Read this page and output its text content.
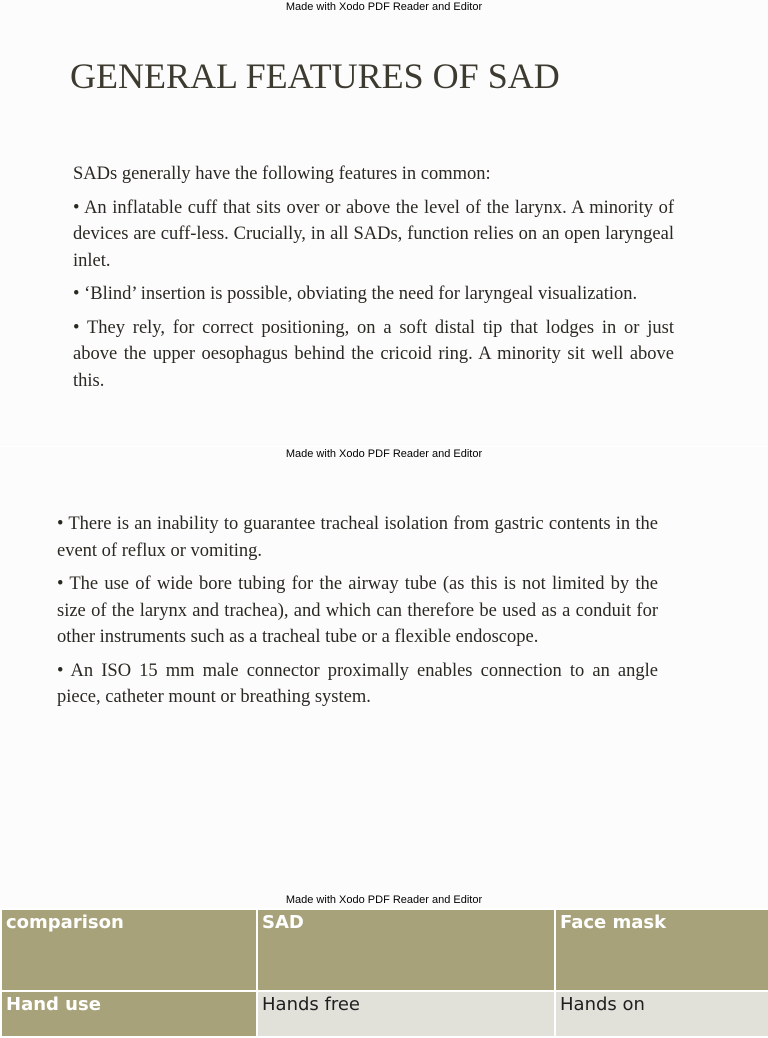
Made with Xodo PDF Reader and Editor
GENERAL FEATURES OF SAD

SADs generally have the following features in common:

• An inflatable cuff that sits over or above the level of the larynx. A minority of devices are cuff-less. Crucially, in all SADs, function relies on an open laryngeal inlet.

• ‘Blind’ insertion is possible, obviating the need for laryngeal visualization.

• They rely, for correct positioning, on a soft distal tip that lodges in or just above the upper oesophagus behind the cricoid ring. A minority sit well above this.

Made with Xodo PDF Reader and Editor

• There is an inability to guarantee tracheal isolation from gastric contents in the event of reflux or vomiting.

• The use of wide bore tubing for the airway tube (as this is not limited by the size of the larynx and trachea), and which can therefore be used as a conduit for other instruments such as a tracheal tube or a flexible endoscope.

• An ISO 15 mm male connector proximally enables connection to an angle piece, catheter mount or breathing system.

Made with Xodo PDF Reader and Editor
comparison	SAD	Face mask
Hand use	Hands free	Hands on
